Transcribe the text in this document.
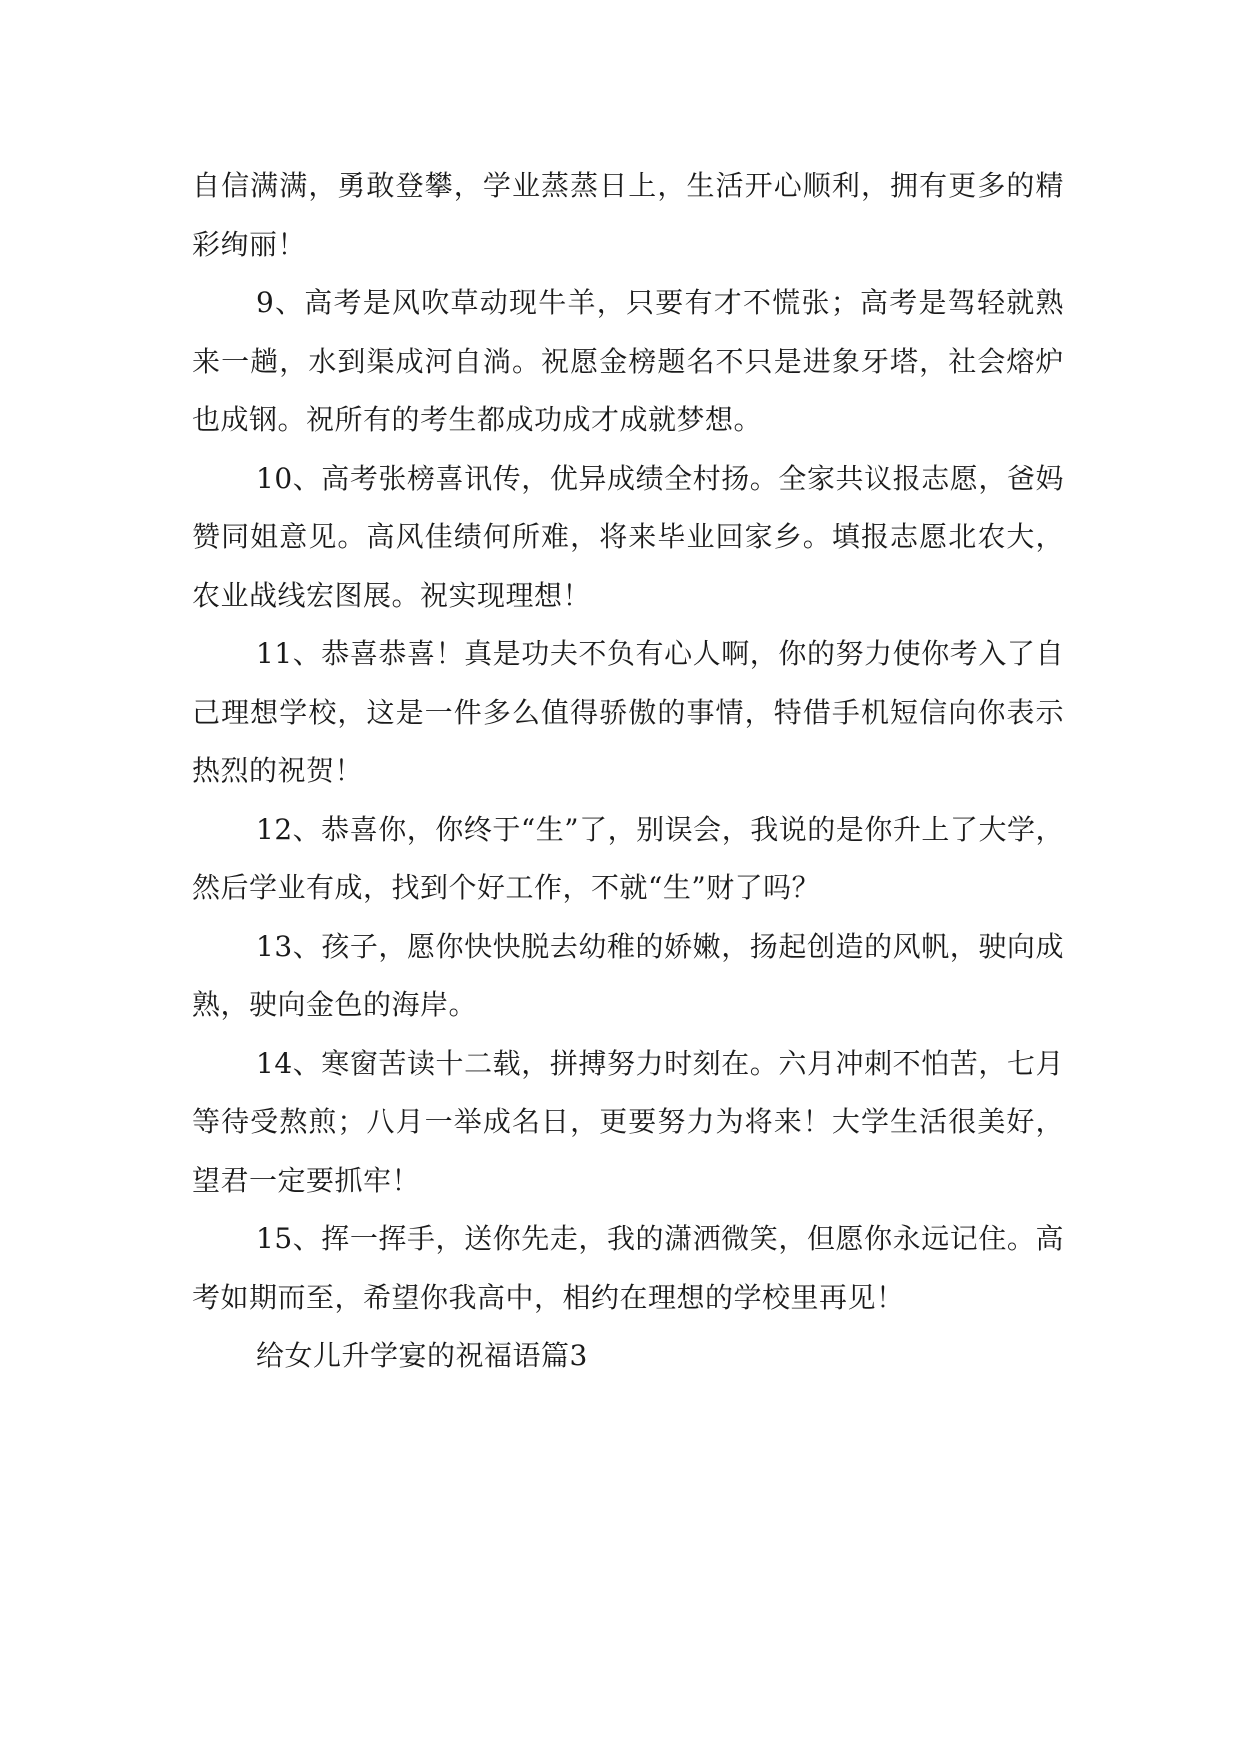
自信满满，勇敢登攀，学业蒸蒸日上，生活开心顺利，拥有更多的精彩绚丽！

9、高考是风吹草动现牛羊，只要有才不慌张；高考是驾轻就熟来一趟，水到渠成河自淌。祝愿金榜题名不只是进象牙塔，社会熔炉也成钢。祝所有的考生都成功成才成就梦想。

10、高考张榜喜讯传，优异成绩全村扬。全家共议报志愿，爸妈赞同姐意见。高风佳绩何所难，将来毕业回家乡。填报志愿北农大，农业战线宏图展。祝实现理想！

11、恭喜恭喜！真是功夫不负有心人啊，你的努力使你考入了自己理想学校，这是一件多么值得骄傲的事情，特借手机短信向你表示热烈的祝贺！

12、恭喜你，你终于“生”了，别误会，我说的是你升上了大学，然后学业有成，找到个好工作，不就“生”财了吗？

13、孩子，愿你快快脱去幼稚的娇嫩，扬起创造的风帆，驶向成熟，驶向金色的海岸。

14、寒窗苦读十二载，拼搏努力时刻在。六月冲刺不怕苦，七月等待受熬煎；八月一举成名日，更要努力为将来！大学生活很美好，望君一定要抓牢！

15、挥一挥手，送你先走，我的潇洒微笑，但愿你永远记住。高考如期而至，希望你我高中，相约在理想的学校里再见！

给女儿升学宴的祝福语篇3
